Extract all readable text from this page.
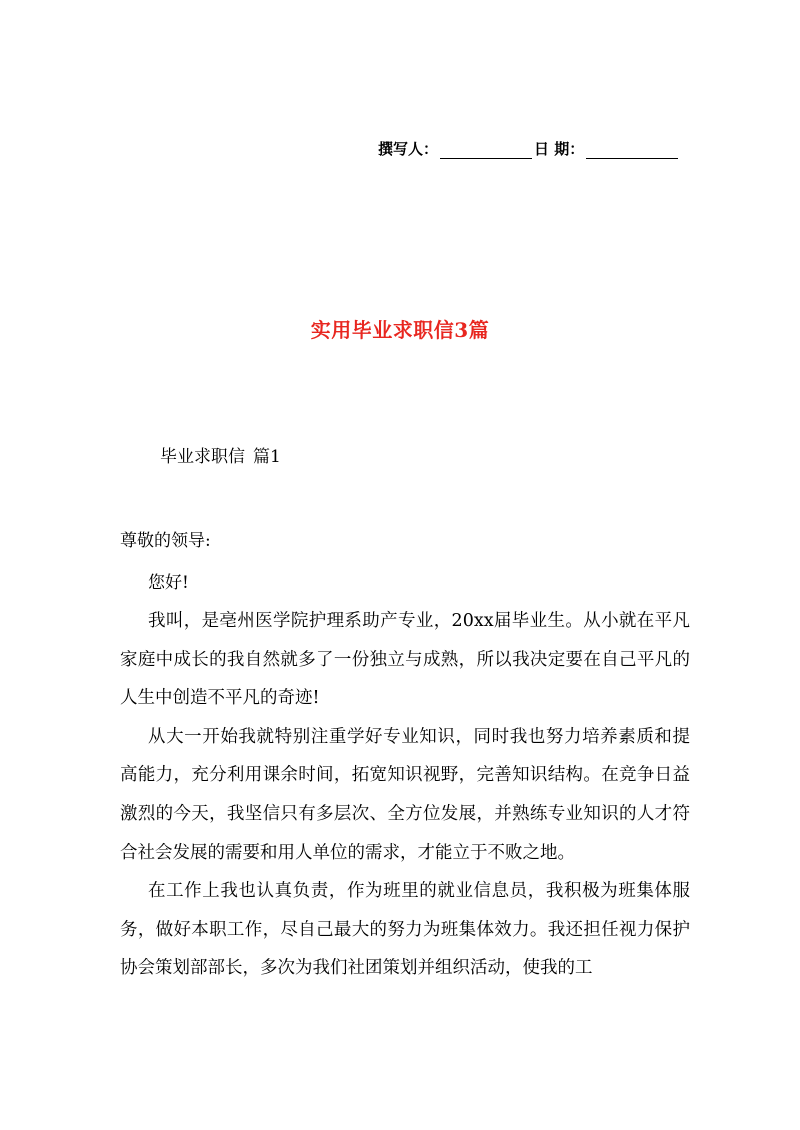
撰写人：	日 期：
实用毕业求职信3篇
毕业求职信 篇1
尊敬的领导:
您好!

我叫，是亳州医学院护理系助产专业，20xx届毕业生。从小就在平凡家庭中成长的我自然就多了一份独立与成熟，所以我决定要在自己平凡的人生中创造不平凡的奇迹!

从大一开始我就特别注重学好专业知识，同时我也努力培养素质和提高能力，充分利用课余时间，拓宽知识视野，完善知识结构。在竞争日益激烈的今天，我坚信只有多层次、全方位发展，并熟练专业知识的人才符合社会发展的需要和用人单位的需求，才能立于不败之地。

在工作上我也认真负责，作为班里的就业信息员，我积极为班集体服务，做好本职工作，尽自己最大的努力为班集体效力。我还担任视力保护协会策划部部长，多次为我们社团策划并组织活动，使我的工
